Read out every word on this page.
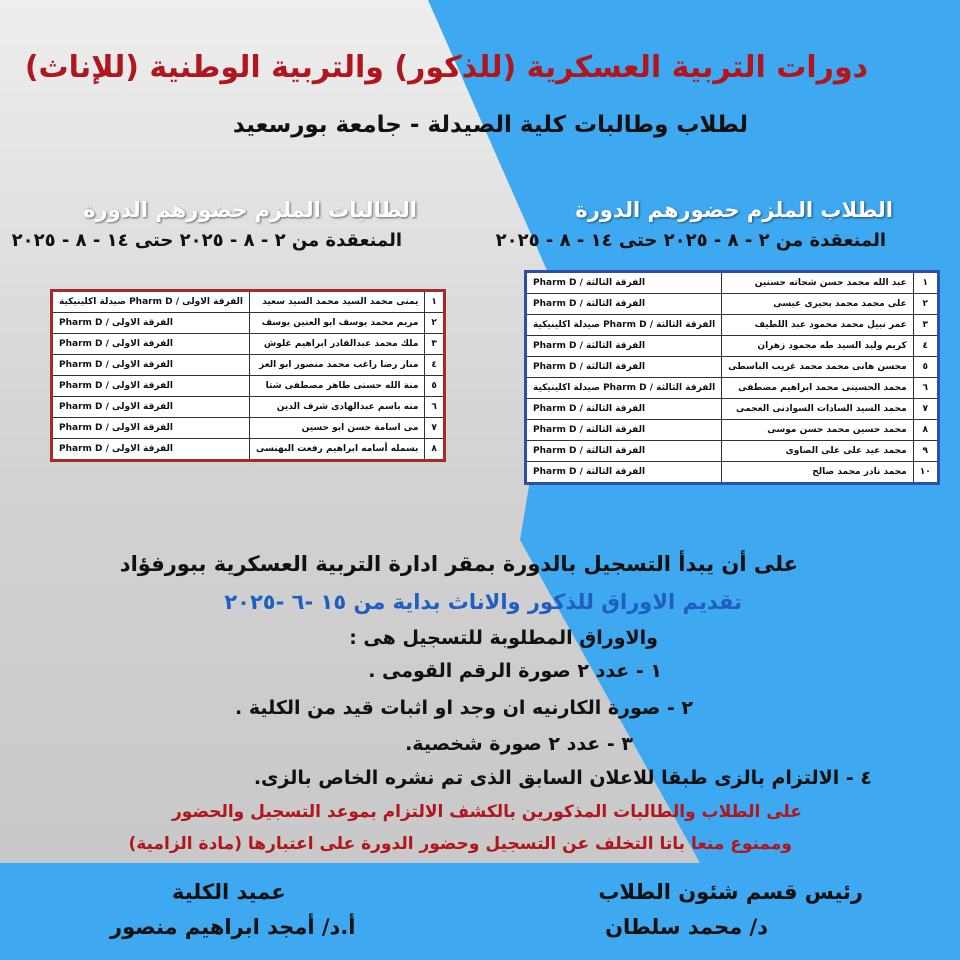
دورات التربية العسكرية (للذكور) والتربية الوطنية (للإناث)
لطلاب وطالبات كلية الصيدلة - جامعة بورسعيد
الطلاب الملزم حضورهم الدورة
المنعقدة من ٢ - ٨ - ٢٠٢٥ حتى ١٤ - ٨ - ٢٠٢٥
الطالبات الملزم حضورهم الدورة
المنعقدة من ٢ - ٨ - ٢٠٢٥ حتى ١٤ - ٨ - ٢٠٢٥
١	عبد الله محمد حسن شحاته حسنين	الفرقة الثالثة / Pharm D
٢	على محمد محمد بحيرى عيسى	الفرقة الثالثة / Pharm D
٣	عمر نبيل محمد محمود عبد اللطيف	الفرقة الثالثة / Pharm D صيدلة اكلينيكية
٤	كريم وليد السيد طه محمود زهران	الفرقة الثالثة / Pharm D
٥	محسن هانى محمد محمد غريب الباسطى	الفرقة الثالثة / Pharm D
٦	محمد الحسينى محمد ابراهيم مصطفى	الفرقة الثالثة / Pharm D صيدلة اكلينيكية
٧	محمد السيد السادات السوادنى العجمى	الفرقة الثالثة / Pharm D
٨	محمد حسين محمد حسن موسى	الفرقة الثالثة / Pharm D
٩	محمد عيد على على الصاوى	الفرقة الثالثة / Pharm D
١٠	محمد نادر محمد صالح	الفرقة الثالثة / Pharm D
١	يمنى محمد السيد محمد السيد سعيد	الفرقة الاولى / Pharm D صيدلة اكلينيكية
٢	مريم محمد يوسف ابو العنين يوسف	الفرقة الاولى / Pharm D
٣	ملك محمد عبدالقادر ابراهيم غلوش	الفرقة الاولى / Pharm D
٤	منار رضا راغب محمد منصور ابو العز	الفرقة الاولى / Pharm D
٥	منة الله حسنى طاهر مصطفى شتا	الفرقة الاولى / Pharm D
٦	منه باسم عبدالهادى شرف الدين	الفرقة الاولى / Pharm D
٧	مى اسامة حسن ابو حسين	الفرقة الاولى / Pharm D
٨	بسمله أسامه ابراهيم رفعت البهنسى	الفرقة الاولى / Pharm D
على أن يبدأ التسجيل بالدورة بمقر ادارة التربية العسكرية ببورفؤاد
تقديم الاوراق للذكور والاناث بداية من ١٥ -٦ -٢٠٢٥
والاوراق المطلوبة للتسجيل هى :
١ - عدد ٢ صورة الرقم القومى .
٢ - صورة الكارنيه ان وجد او اثبات قيد من الكلية .
٣ - عدد ٢ صورة شخصية.
٤ - الالتزام بالزى طبقا للاعلان السابق الذى تم نشره الخاص بالزى.
على الطلاب والطالبات المذكورين بالكشف الالتزام بموعد التسجيل والحضور
وممنوع منعا باتا التخلف عن التسجيل وحضور الدورة على اعتبارها (مادة الزامية)
عميد الكلية
أ.د/ أمجد ابراهيم منصور
رئيس قسم شئون الطلاب
د/ محمد سلطان
